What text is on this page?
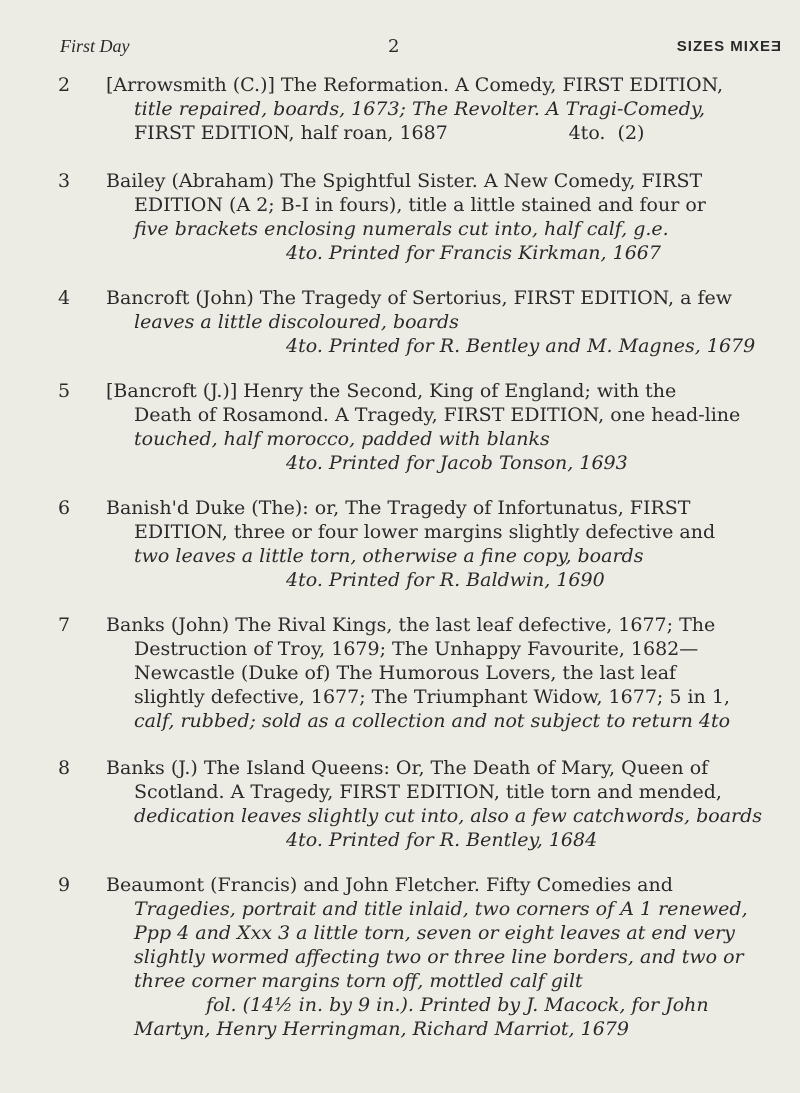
First Day	2	SIZES MIXEƎ
2	[Arrowsmith (C.)] The Reformation. A Comedy, FIRST EDITION,
title repaired, boards, 1673; The Revolter. A Tragi-Comedy,
FIRST EDITION, half roan, 1687                    4to.  (2)
3	Bailey (Abraham) The Spightful Sister. A New Comedy, FIRST
EDITION (A 2; B-I in fours), title a little stained and four or
five brackets enclosing numerals cut into, half calf, g.e.
4to. Printed for Francis Kirkman, 1667
4	Bancroft (John) The Tragedy of Sertorius, FIRST EDITION, a few
leaves a little discoloured, boards
4to. Printed for R. Bentley and M. Magnes, 1679
5	[Bancroft (J.)] Henry the Second, King of England; with the
Death of Rosamond. A Tragedy, FIRST EDITION, one head-line
touched, half morocco, padded with blanks
4to. Printed for Jacob Tonson, 1693
6	Banish'd Duke (The): or, The Tragedy of Infortunatus, FIRST
EDITION, three or four lower margins slightly defective and
two leaves a little torn, otherwise a fine copy, boards
4to. Printed for R. Baldwin, 1690
7	Banks (John) The Rival Kings, the last leaf defective, 1677; The
Destruction of Troy, 1679; The Unhappy Favourite, 1682—
Newcastle (Duke of) The Humorous Lovers, the last leaf
slightly defective, 1677; The Triumphant Widow, 1677; 5 in 1,
calf, rubbed; sold as a collection and not subject to return 4to
8	Banks (J.) The Island Queens: Or, The Death of Mary, Queen of
Scotland. A Tragedy, FIRST EDITION, title torn and mended,
dedication leaves slightly cut into, also a few catchwords, boards
4to. Printed for R. Bentley, 1684
9	Beaumont (Francis) and John Fletcher. Fifty Comedies and
Tragedies, portrait and title inlaid, two corners of A 1 renewed,
Ppp 4 and Xxx 3 a little torn, seven or eight leaves at end very
slightly wormed affecting two or three line borders, and two or
three corner margins torn off, mottled calf gilt
fol. (14½ in. by 9 in.). Printed by J. Macock, for John
Martyn, Henry Herringman, Richard Marriot, 1679
